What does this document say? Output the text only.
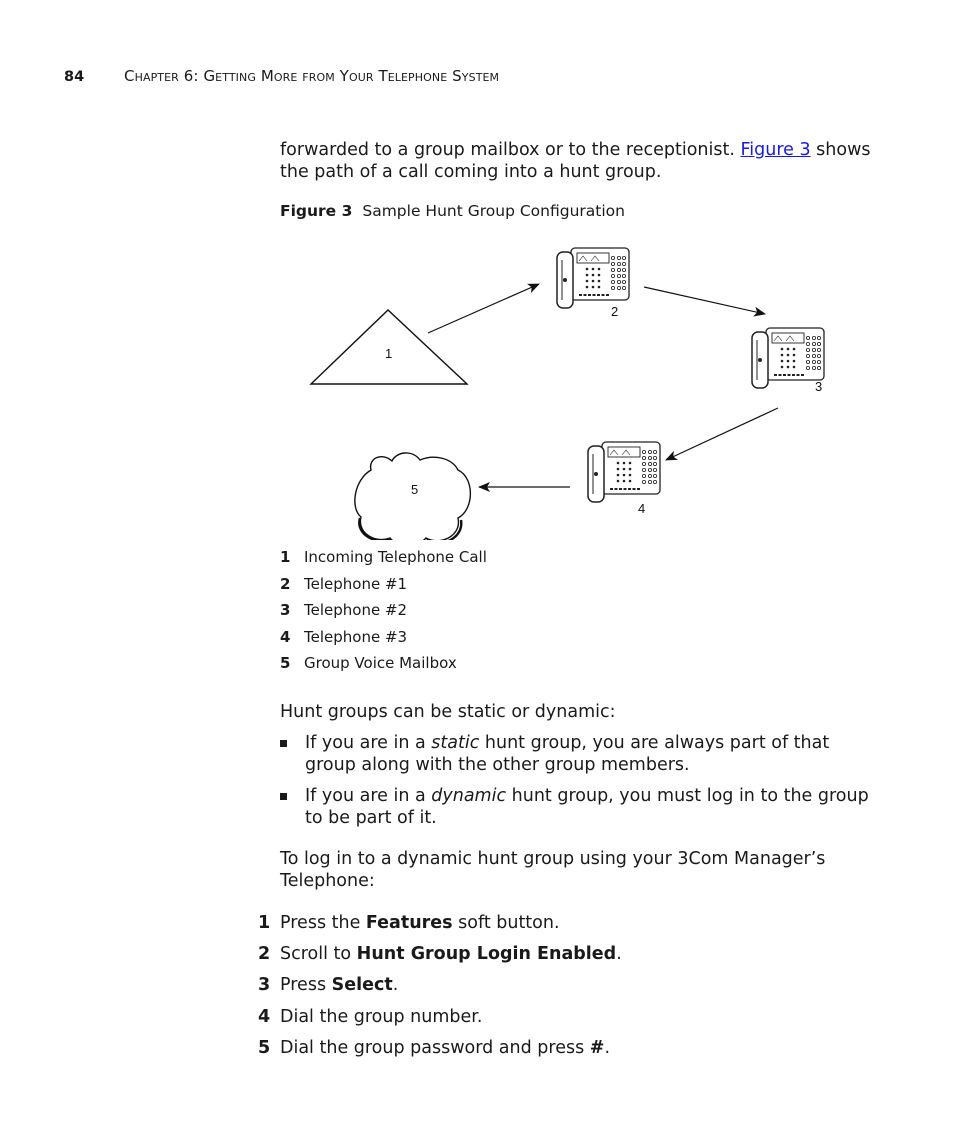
84	Chapter 6: Getting More from Your Telephone System
forwarded to a group mailbox or to the receptionist. Figure 3 shows the path of a call coming into a hunt group.
Figure 3 Sample Hunt Group Configuration
1
2
3
4
5
1 Incoming Telephone Call
2 Telephone #1
3 Telephone #2
4 Telephone #3
5 Group Voice Mailbox
Hunt groups can be static or dynamic:
If you are in a static hunt group, you are always part of that group along with the other group members.
If you are in a dynamic hunt group, you must log in to the group to be part of it.
To log in to a dynamic hunt group using your 3Com Manager’s Telephone:
1 Press the Features soft button.
2 Scroll to Hunt Group Login Enabled.
3 Press Select.
4 Dial the group number.
5 Dial the group password and press #.
